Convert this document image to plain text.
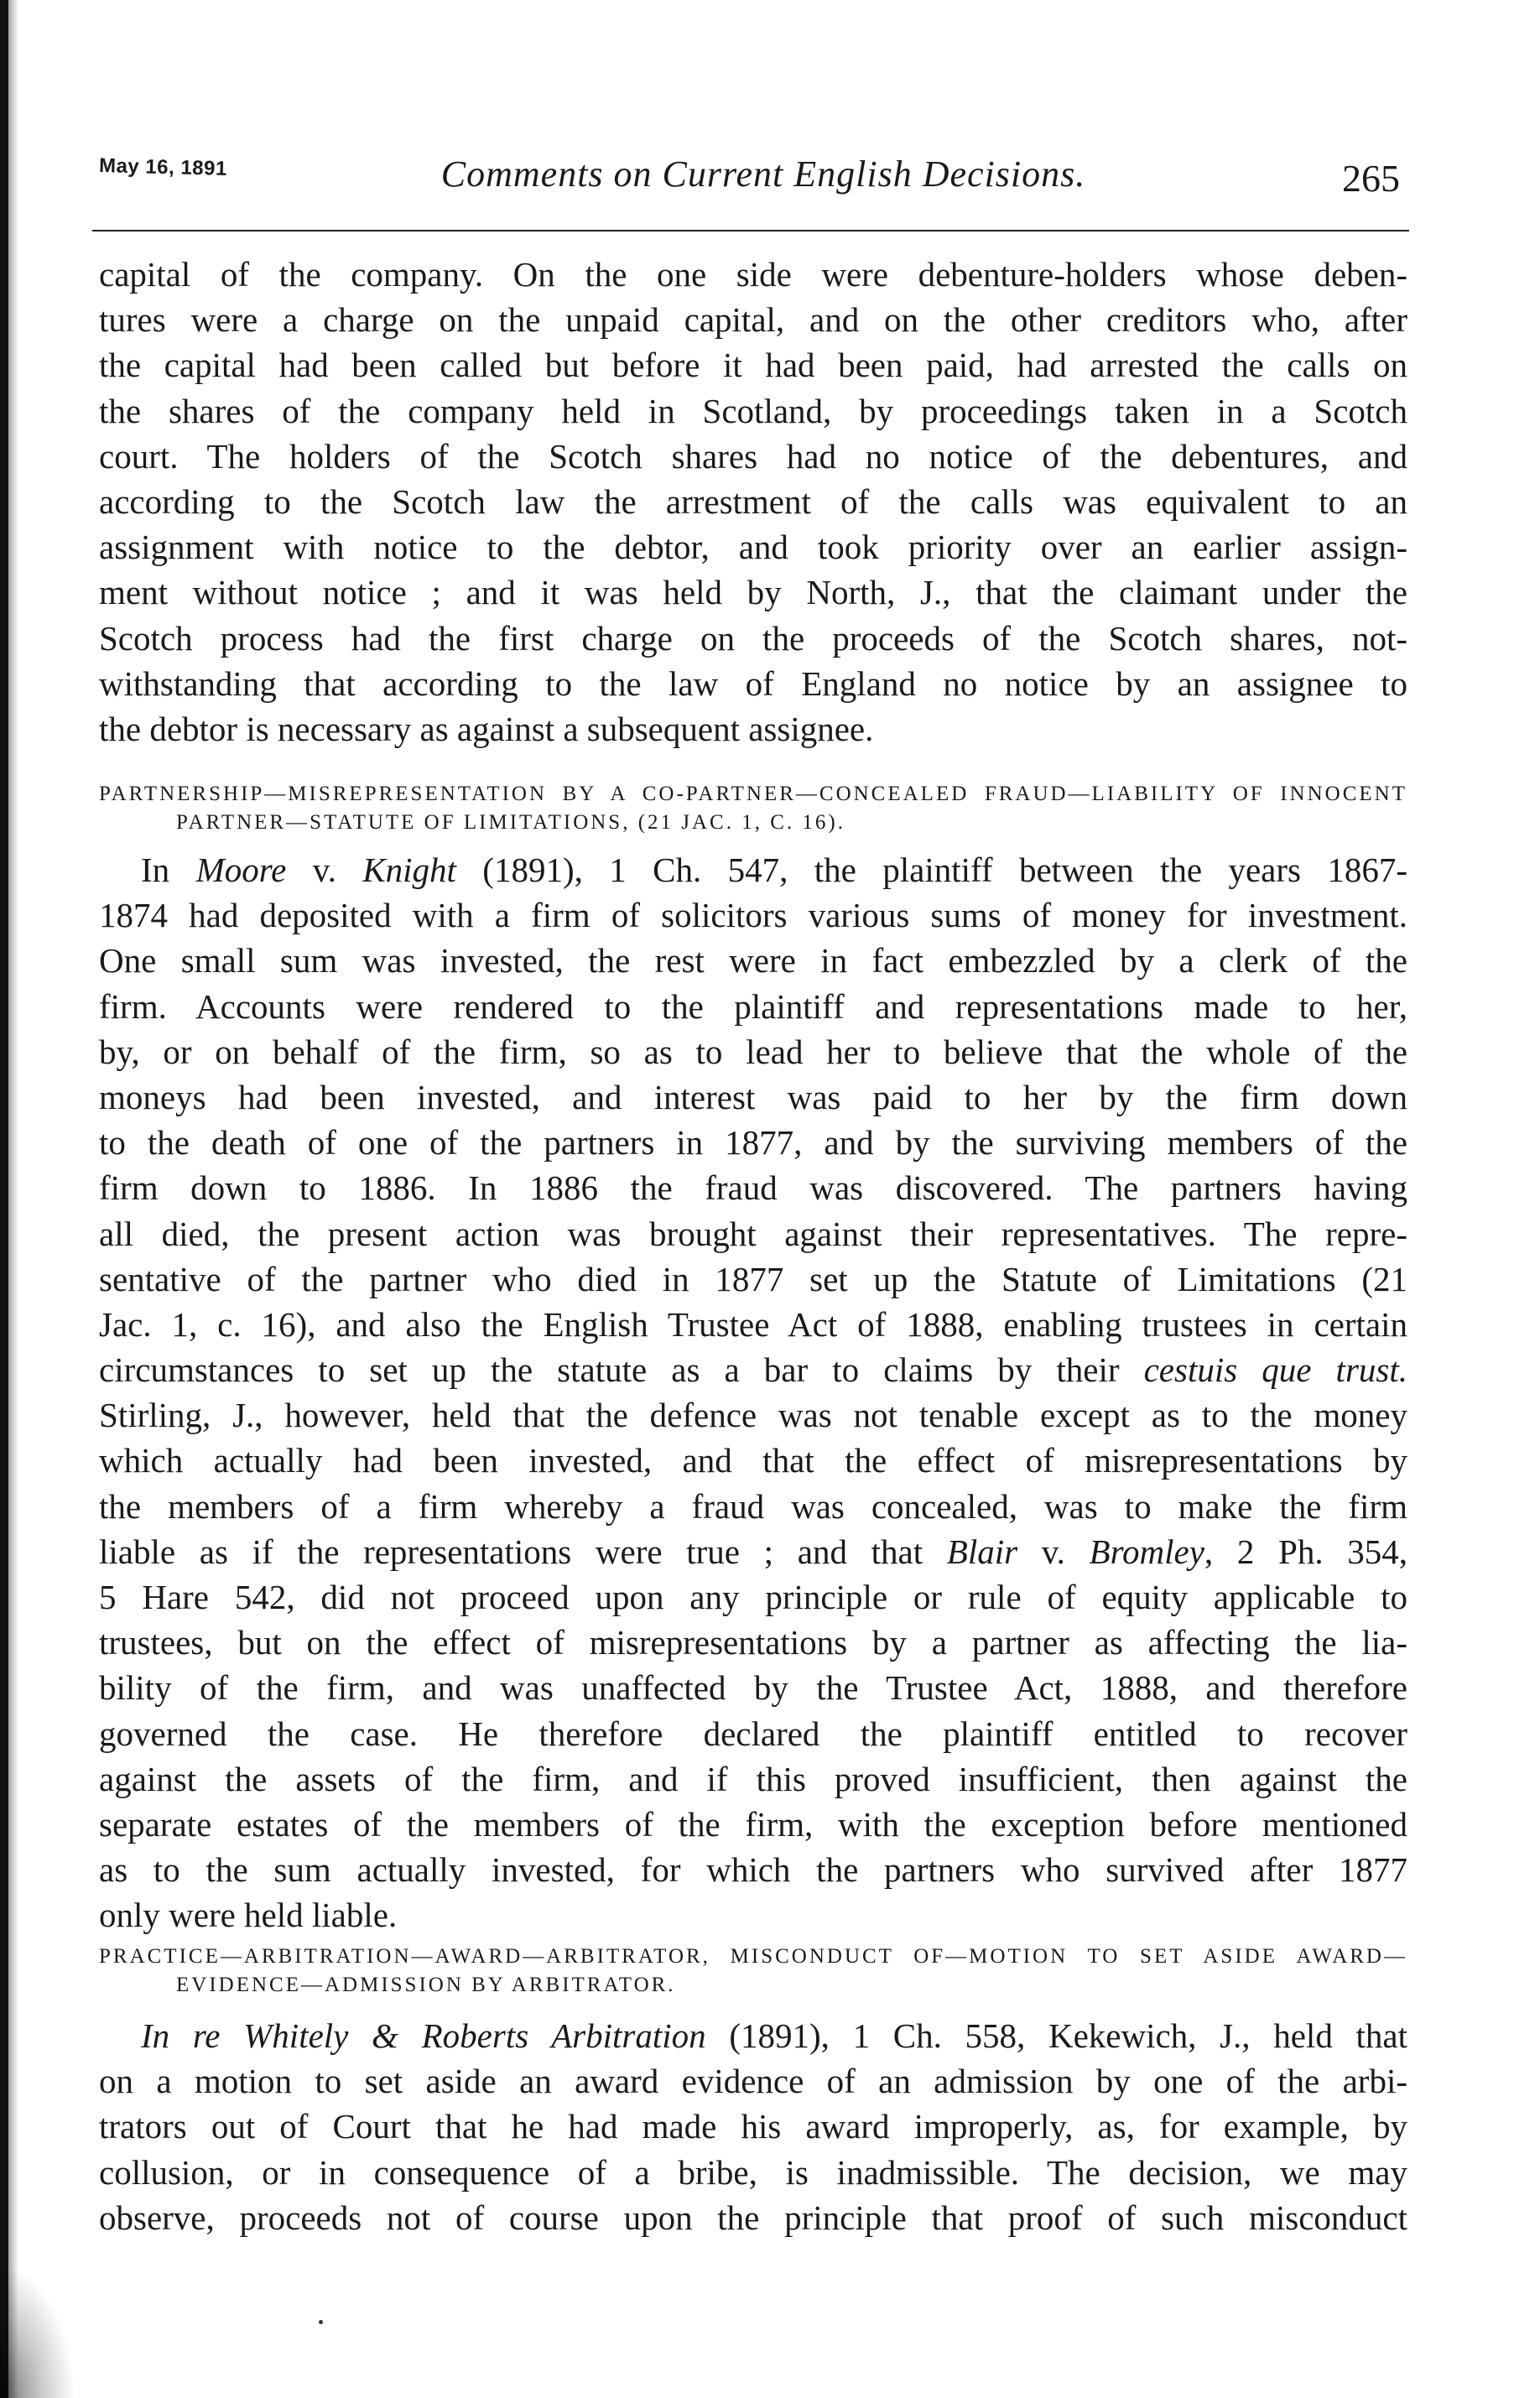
May 16, 1891	Comments on Current English Decisions.	265
capital of the company. On the one side were debenture-holders whose deben-
tures were a charge on the unpaid capital, and on the other creditors who, after
the capital had been called but before it had been paid, had arrested the calls on
the shares of the company held in Scotland, by proceedings taken in a Scotch
court. The holders of the Scotch shares had no notice of the debentures, and
according to the Scotch law the arrestment of the calls was equivalent to an
assignment with notice to the debtor, and took priority over an earlier assign-
ment without notice ; and it was held by North, J., that the claimant under the
Scotch process had the first charge on the proceeds of the Scotch shares, not-
withstanding that according to the law of England no notice by an assignee to
the debtor is necessary as against a subsequent assignee.
PARTNERSHIP—MISREPRESENTATION BY A CO-PARTNER—CONCEALED FRAUD—LIABILITY OF INNOCENT
PARTNER—STATUTE OF LIMITATIONS, (21 JAC. 1, C. 16).
In Moore v. Knight (1891), 1 Ch. 547, the plaintiff between the years 1867-
1874 had deposited with a firm of solicitors various sums of money for investment.
One small sum was invested, the rest were in fact embezzled by a clerk of the
firm. Accounts were rendered to the plaintiff and representations made to her,
by, or on behalf of the firm, so as to lead her to believe that the whole of the
moneys had been invested, and interest was paid to her by the firm down
to the death of one of the partners in 1877, and by the surviving members of the
firm down to 1886. In 1886 the fraud was discovered. The partners having
all died, the present action was brought against their representatives. The repre-
sentative of the partner who died in 1877 set up the Statute of Limitations (21
Jac. 1, c. 16), and also the English Trustee Act of 1888, enabling trustees in certain
circumstances to set up the statute as a bar to claims by their cestuis que trust.
Stirling, J., however, held that the defence was not tenable except as to the money
which actually had been invested, and that the effect of misrepresentations by
the members of a firm whereby a fraud was concealed, was to make the firm
liable as if the representations were true ; and that Blair v. Bromley, 2 Ph. 354,
5 Hare 542, did not proceed upon any principle or rule of equity applicable to
trustees, but on the effect of misrepresentations by a partner as affecting the lia-
bility of the firm, and was unaffected by the Trustee Act, 1888, and therefore
governed the case. He therefore declared the plaintiff entitled to recover
against the assets of the firm, and if this proved insufficient, then against the
separate estates of the members of the firm, with the exception before mentioned
as to the sum actually invested, for which the partners who survived after 1877
only were held liable.
PRACTICE—ARBITRATION—AWARD—ARBITRATOR, MISCONDUCT OF—MOTION TO SET ASIDE AWARD—
EVIDENCE—ADMISSION BY ARBITRATOR.
In re Whitely & Roberts Arbitration (1891), 1 Ch. 558, Kekewich, J., held that
on a motion to set aside an award evidence of an admission by one of the arbi-
trators out of Court that he had made his award improperly, as, for example, by
collusion, or in consequence of a bribe, is inadmissible. The decision, we may
observe, proceeds not of course upon the principle that proof of such misconduct
